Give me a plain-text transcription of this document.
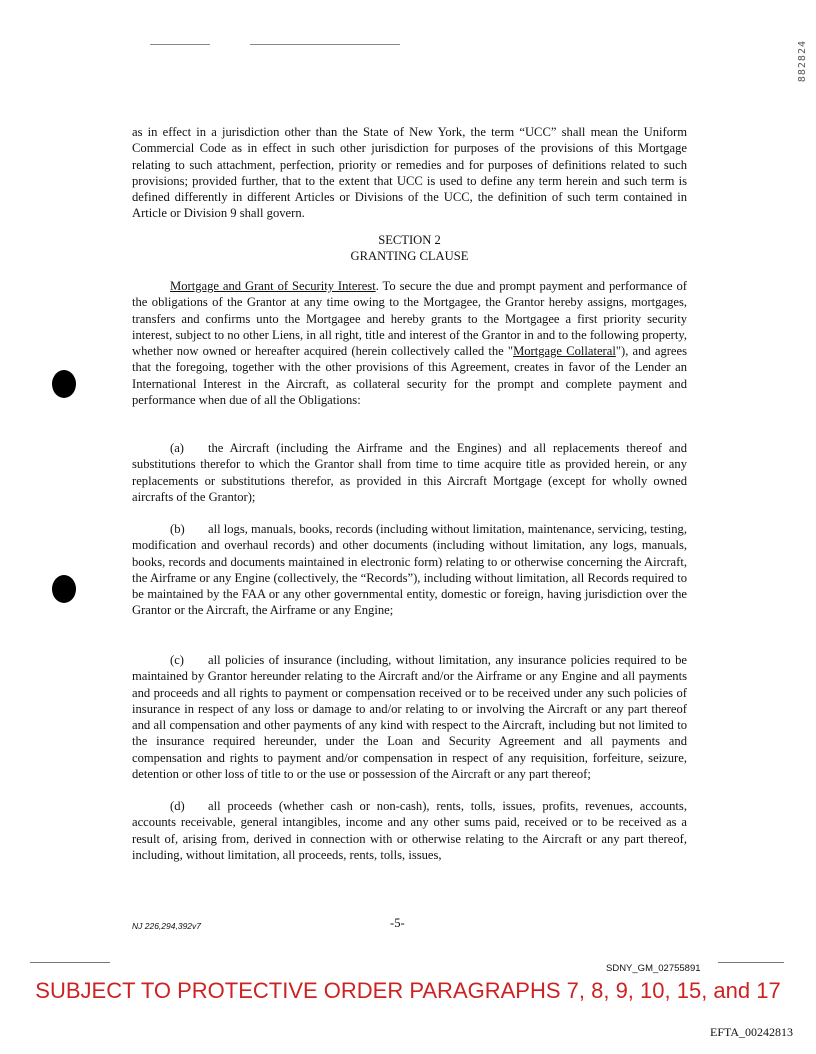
882824

as in effect in a jurisdiction other than the State of New York, the term “UCC” shall mean the Uniform Commercial Code as in effect in such other jurisdiction for purposes of the provisions of this Mortgage relating to such attachment, perfection, priority or remedies and for purposes of definitions related to such provisions; provided further, that to the extent that UCC is used to define any term herein and such term is defined differently in different Articles or Divisions of the UCC, the definition of such term contained in Article or Division 9 shall govern.

SECTION 2
GRANTING CLAUSE

Mortgage and Grant of Security Interest. To secure the due and prompt payment and performance of the obligations of the Grantor at any time owing to the Mortgagee, the Grantor hereby assigns, mortgages, transfers and confirms unto the Mortgagee and hereby grants to the Mortgagee a first priority security interest, subject to no other Liens, in all right, title and interest of the Grantor in and to the following property, whether now owned or hereafter acquired (herein collectively called the "Mortgage Collateral"), and agrees that the foregoing, together with the other provisions of this Agreement, creates in favor of the Lender an International Interest in the Aircraft, as collateral security for the prompt and complete payment and performance when due of all the Obligations:

(a) the Aircraft (including the Airframe and the Engines) and all replacements thereof and substitutions therefor to which the Grantor shall from time to time acquire title as provided herein, or any replacements or substitutions therefor, as provided in this Aircraft Mortgage (except for wholly owned aircrafts of the Grantor);

(b) all logs, manuals, books, records (including without limitation, maintenance, servicing, testing, modification and overhaul records) and other documents (including without limitation, any logs, manuals, books, records and documents maintained in electronic form) relating to or otherwise concerning the Aircraft, the Airframe or any Engine (collectively, the “Records”), including without limitation, all Records required to be maintained by the FAA or any other governmental entity, domestic or foreign, having jurisdiction over the Grantor or the Aircraft, the Airframe or any Engine;

(c) all policies of insurance (including, without limitation, any insurance policies required to be maintained by Grantor hereunder relating to the Aircraft and/or the Airframe or any Engine and all payments and proceeds and all rights to payment or compensation received or to be received under any such policies of insurance in respect of any loss or damage to and/or relating to or involving the Aircraft or any part thereof and all compensation and other payments of any kind with respect to the Aircraft, including but not limited to the insurance required hereunder, under the Loan and Security Agreement and all payments and compensation and rights to payment and/or compensation in respect of any requisition, forfeiture, seizure, detention or other loss of title to or the use or possession of the Aircraft or any part thereof;

(d) all proceeds (whether cash or non-cash), rents, tolls, issues, profits, revenues, accounts, accounts receivable, general intangibles, income and any other sums paid, received or to be received as a result of, arising from, derived in connection with or otherwise relating to the Aircraft or any part thereof, including, without limitation, all proceeds, rents, tolls, issues,

NJ 226,294,392v7	-5-
SDNY_GM_02755891
SUBJECT TO PROTECTIVE ORDER PARAGRAPHS 7, 8, 9, 10, 15, and 17
EFTA_00242813
